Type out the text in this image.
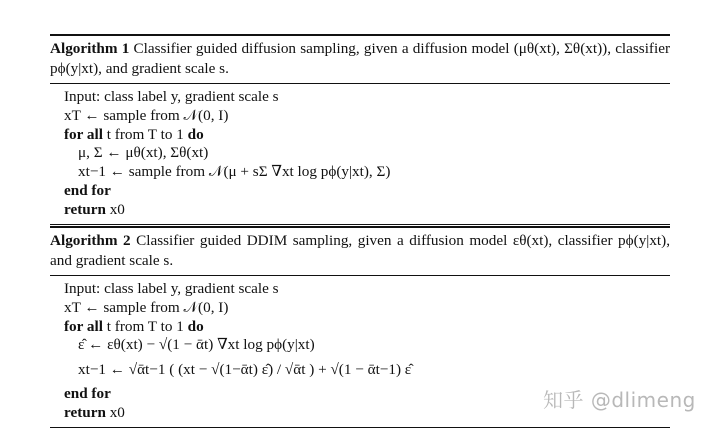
Algorithm 1 Classifier guided diffusion sampling, given a diffusion model (μθ(xt), Σθ(xt)), classifier pϕ(y|xt), and gradient scale s.
Input: class label y, gradient scale s
xT ← sample from 𝒩(0, I)
for all t from T to 1 do
μ, Σ ← μθ(xt), Σθ(xt)
xt−1 ← sample from 𝒩(μ + sΣ ∇xt log pϕ(y|xt), Σ)
end for
return x0
Algorithm 2 Classifier guided DDIM sampling, given a diffusion model εθ(xt), classifier pϕ(y|xt), and gradient scale s.
Input: class label y, gradient scale s
xT ← sample from 𝒩(0, I)
for all t from T to 1 do
ε̂ ← εθ(xt) − √(1 − ᾱt) ∇xt log pϕ(y|xt)
xt−1 ← √ᾱt−1 ( (xt − √(1−ᾱt) ε̂) / √ᾱt ) + √(1 − ᾱt−1) ε̂
end for
return x0
知乎 @dlimeng
